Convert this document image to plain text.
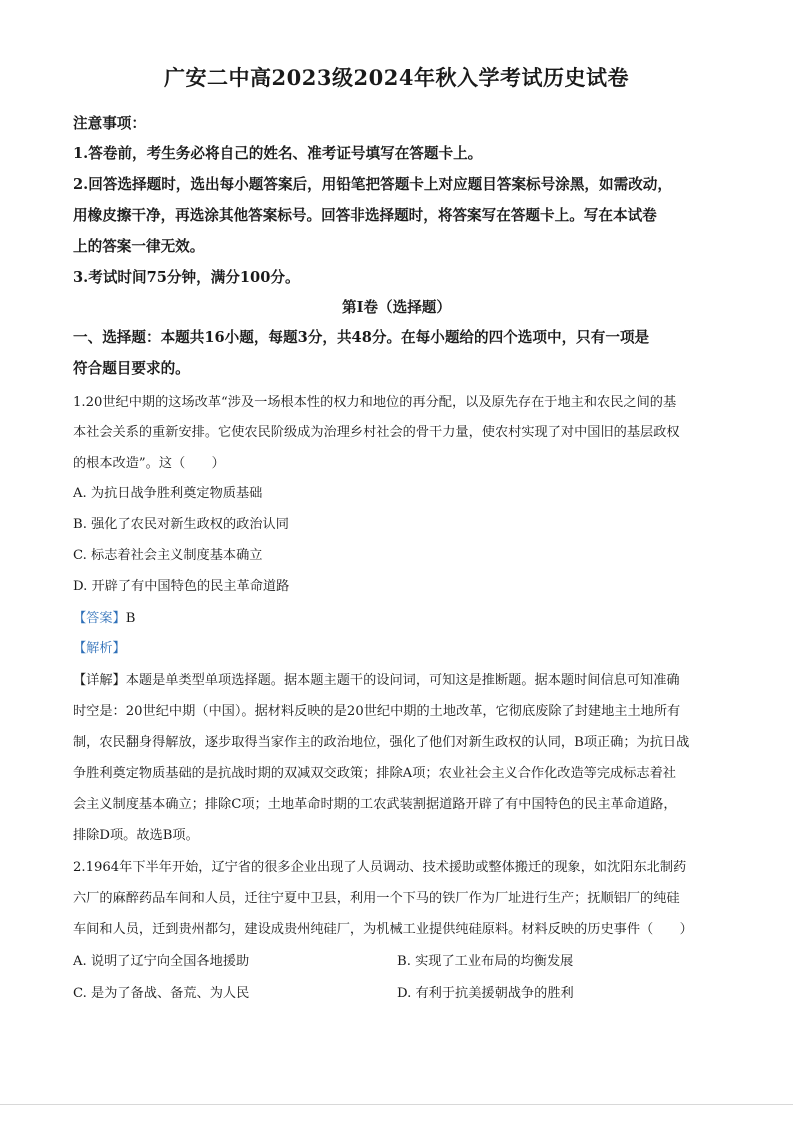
广安二中高2023级2024年秋入学考试历史试卷
注意事项：
1.答卷前，考生务必将自己的姓名、准考证号填写在答题卡上。
2.回答选择题时，选出每小题答案后，用铅笔把答题卡上对应题目答案标号涂黑，如需改动，
用橡皮擦干净，再选涂其他答案标号。回答非选择题时，将答案写在答题卡上。写在本试卷
上的答案一律无效。
3.考试时间75分钟，满分100分。
第Ⅰ卷（选择题）
一、选择题：本题共16小题，每题3分，共48分。在每小题给的四个选项中，只有一项是
符合题目要求的。
1.20世纪中期的这场改革“涉及一场根本性的权力和地位的再分配，以及原先存在于地主和农民之间的基
本社会关系的重新安排。它使农民阶级成为治理乡村社会的骨干力量，使农村实现了对中国旧的基层政权
的根本改造”。这（　　）
A. 为抗日战争胜利奠定物质基础
B. 强化了农民对新生政权的政治认同
C. 标志着社会主义制度基本确立
D. 开辟了有中国特色的民主革命道路
【答案】B
【解析】
【详解】本题是单类型单项选择题。据本题主题干的设问词，可知这是推断题。据本题时间信息可知准确
时空是：20世纪中期（中国）。据材料反映的是20世纪中期的土地改革，它彻底废除了封建地主土地所有
制，农民翻身得解放，逐步取得当家作主的政治地位，强化了他们对新生政权的认同，B项正确；为抗日战
争胜利奠定物质基础的是抗战时期的双减双交政策；排除A项；农业社会主义合作化改造等完成标志着社
会主义制度基本确立；排除C项；土地革命时期的工农武装割据道路开辟了有中国特色的民主革命道路，
排除D项。故选B项。
2.1964年下半年开始，辽宁省的很多企业出现了人员调动、技术援助或整体搬迁的现象，如沈阳东北制药
六厂的麻醉药品车间和人员，迁往宁夏中卫县，利用一个下马的铁厂作为厂址进行生产；抚顺铝厂的纯硅
车间和人员，迁到贵州都匀，建设成贵州纯硅厂，为机械工业提供纯硅原料。材料反映的历史事件（　　）
A. 说明了辽宁向全国各地援助	B. 实现了工业布局的均衡发展
C. 是为了备战、备荒、为人民	D. 有利于抗美援朝战争的胜利
